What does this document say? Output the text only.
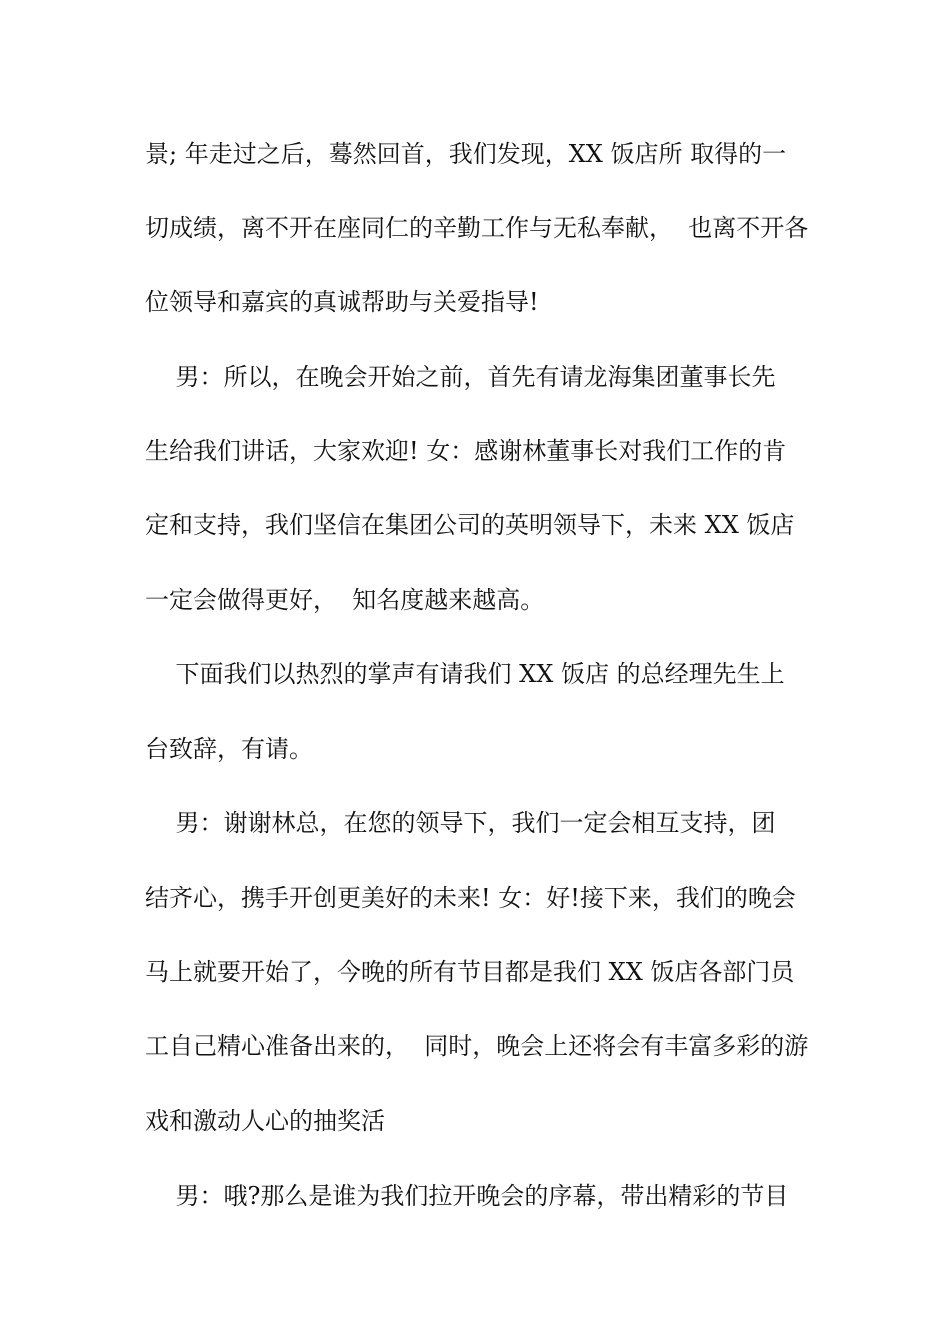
景; 年走过之后，蓦然回首，我们发现，XX 饭店所 取得的一
切成绩，离不开在座同仁的辛勤工作与无私奉献，  也离不开各
位领导和嘉宾的真诚帮助与关爱指导!
男：所以，在晚会开始之前，首先有请龙海集团董事长先
生给我们讲话，大家欢迎! 女：感谢林董事长对我们工作的肯
定和支持，我们坚信在集团公司的英明领导下，未来 XX 饭店
一定会做得更好，  知名度越来越高。
下面我们以热烈的掌声有请我们 XX 饭店 的总经理先生上
台致辞，有请。
男：谢谢林总，在您的领导下，我们一定会相互支持，团
结齐心，携手开创更美好的未来! 女：好!接下来，我们的晚会
马上就要开始了，今晚的所有节目都是我们 XX 饭店各部门员
工自己精心准备出来的，  同时，晚会上还将会有丰富多彩的游
戏和激动人心的抽奖活
男：哦?那么是谁为我们拉开晚会的序幕，带出精彩的节目
